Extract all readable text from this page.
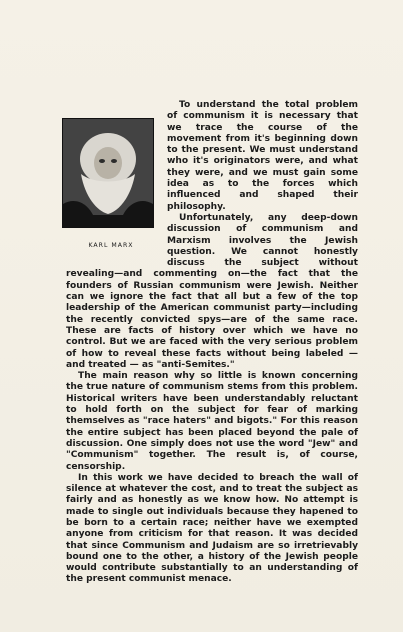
KARL MARX

To understand the total problem of communism it is necessary that we trace the course of the movement from it's beginning down to the present. We must understand who it's originators were, and what they were, and we must gain some idea as to the forces which influenced and shaped their philosophy.

Unfortunately, any deep-down discussion of communism and Marxism involves the Jewish question. We cannot honestly discuss the subject without revealing—and commenting on—the fact that the founders of Russian communism were Jewish. Neither can we ignore the fact that all but a few of the top leadership of the American communist party—including the recently convicted spys—are of the same race. These are facts of history over which we have no control. But we are faced with the very serious problem of how to reveal these facts without being labeled — and treated — as "anti-Semites."

The main reason why so little is known concerning the true nature of communism stems from this problem. Historical writers have been understandably reluctant to hold forth on the subject for fear of marking themselves as "race haters" and bigots." For this reason the entire subject has been placed beyond the pale of discussion. One simply does not use the word "Jew" and "Communism" together. The result is, of course, censorship.

In this work we have decided to breach the wall of silence at whatever the cost, and to treat the subject as fairly and as honestly as we know how. No attempt is made to single out individuals because they hapened to be born to a certain race; neither have we exempted anyone from criticism for that reason. It was decided that since Communism and Judaism are so irretrievably bound one to the other, a history of the Jewish people would contribute substantially to an understanding of the present communist menace.
